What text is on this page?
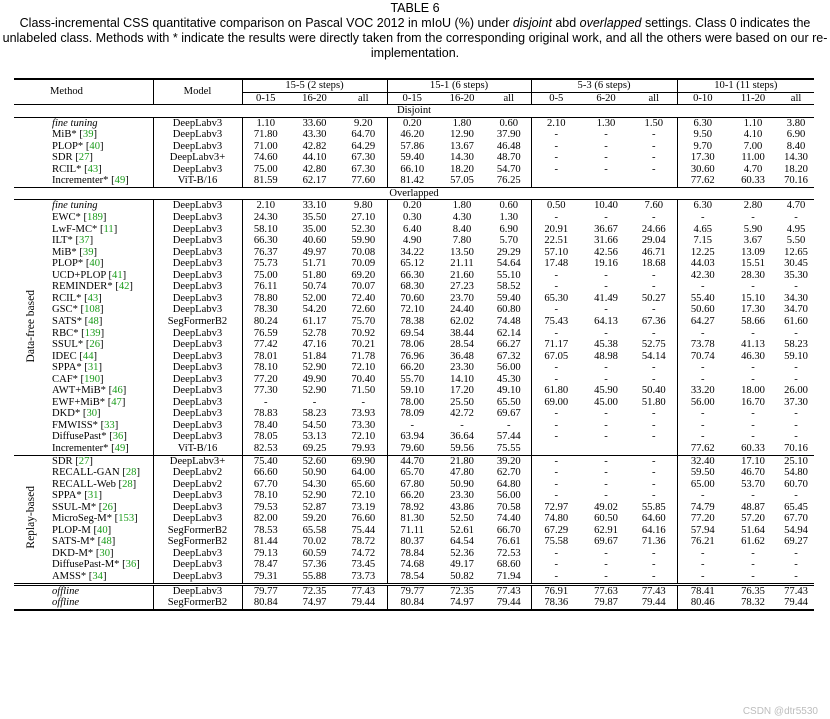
TABLE 6
Class-incremental CSS quantitative comparison on Pascal VOC 2012 in mIoU (%) under disjoint abd overlapped settings. Class 0 indicates the unlabeled class. Methods with * indicate the results were directly taken from the corresponding original work, and all the others were based on our re-implementation.
	Method	Model	15-5 (2 steps)			15-1 (6 steps)			5-3 (6 steps)			10-1 (11 steps)		
			0-15	16-20	all	0-15	16-20	all	0-5	6-20	all	0-10	11-20	all
Disjoint														
	fine tuning	DeepLabv3	1.10	33.60	9.20	0.20	1.80	0.60	2.10	1.30	1.50	6.30	1.10	3.80
	MiB* [39]	DeepLabv3	71.80	43.30	64.70	46.20	12.90	37.90	-	-	-	9.50	4.10	6.90
	PLOP* [40]	DeepLabv3	71.00	42.82	64.29	57.86	13.67	46.48	-	-	-	9.70	7.00	8.40
	SDR [27]	DeepLabv3+	74.60	44.10	67.30	59.40	14.30	48.70	-	-	-	17.30	11.00	14.30
	RCIL* [43]	DeepLabv3	75.00	42.80	67.30	66.10	18.20	54.70	-	-	-	30.60	4.70	18.20
	Incrementer* [49]	ViT-B/16	81.59	62.17	77.60	81.42	57.05	76.25				77.62	60.33	70.16
Overlapped														
Data-free based	fine tuning	DeepLabv3	2.10	33.10	9.80	0.20	1.80	0.60	0.50	10.40	7.60	6.30	2.80	4.70
	EWC* [189]	DeepLabv3	24.30	35.50	27.10	0.30	4.30	1.30	-	-	-	-	-	-
	LwF-MC* [11]	DeepLabv3	58.10	35.00	52.30	6.40	8.40	6.90	20.91	36.67	24.66	4.65	5.90	4.95
	ILT* [37]	DeepLabv3	66.30	40.60	59.90	4.90	7.80	5.70	22.51	31.66	29.04	7.15	3.67	5.50
	MiB* [39]	DeepLabv3	76.37	49.97	70.08	34.22	13.50	29.29	57.10	42.56	46.71	12.25	13.09	12.65
	PLOP* [40]	DeepLabv3	75.73	51.71	70.09	65.12	21.11	54.64	17.48	19.16	18.68	44.03	15.51	30.45
	UCD+PLOP [41]	DeepLabv3	75.00	51.80	69.20	66.30	21.60	55.10	-	-	-	42.30	28.30	35.30
	REMINDER* [42]	DeepLabv3	76.11	50.74	70.07	68.30	27.23	58.52	-	-	-	-	-	-
	RCIL* [43]	DeepLabv3	78.80	52.00	72.40	70.60	23.70	59.40	65.30	41.49	50.27	55.40	15.10	34.30
	GSC* [108]	DeepLabv3	78.30	54.20	72.60	72.10	24.40	60.80	-	-	-	50.60	17.30	34.70
	SATS* [48]	SegFormerB2	80.24	61.17	75.70	78.38	62.02	74.48	75.43	64.13	67.36	64.27	58.66	61.60
	RBC* [139]	DeepLabv3	76.59	52.78	70.92	69.54	38.44	62.14	-	-	-	-	-	-
	SSUL* [26]	DeepLabv3	77.42	47.16	70.21	78.06	28.54	66.27	71.17	45.38	52.75	73.78	41.13	58.23
	IDEC [44]	DeepLabv3	78.01	51.84	71.78	76.96	36.48	67.32	67.05	48.98	54.14	70.74	46.30	59.10
	SPPA* [31]	DeepLabv3	78.10	52.90	72.10	66.20	23.30	56.00	-	-	-	-	-	-
	CAF* [190]	DeepLabv3	77.20	49.90	70.40	55.70	14.10	45.30	-	-	-	-	-	-
	AWT+MiB* [46]	DeepLabv3	77.30	52.90	71.50	59.10	17.20	49.10	61.80	45.90	50.40	33.20	18.00	26.00
	EWF+MiB* [47]	DeepLabv3	-	-	-	78.00	25.50	65.50	69.00	45.00	51.80	56.00	16.70	37.30
	DKD* [30]	DeepLabv3	78.83	58.23	73.93	78.09	42.72	69.67	-	-	-	-	-	-
	FMWISS* [33]	DeepLabv3	78.40	54.50	73.30	-	-	-	-	-	-	-	-	-
	DiffusePast* [36]	DeepLabv3	78.05	53.13	72.10	63.94	36.64	57.44	-	-	-	-	-	-
	Incrementer* [49]	ViT-B/16	82.53	69.25	79.93	79.60	59.56	75.55				77.62	60.33	70.16
Replay-based	SDR [27]	DeepLabv3+	75.40	52.60	69.90	44.70	21.80	39.20	-	-	-	32.40	17.10	25.10
	RECALL-GAN [28]	DeepLabv2	66.60	50.90	64.00	65.70	47.80	62.70	-	-	-	59.50	46.70	54.80
	RECALL-Web [28]	DeepLabv2	67.70	54.30	65.60	67.80	50.90	64.80	-	-	-	65.00	53.70	60.70
	SPPA* [31]	DeepLabv3	78.10	52.90	72.10	66.20	23.30	56.00	-	-	-	-	-	-
	SSUL-M* [26]	DeepLabv3	79.53	52.87	73.19	78.92	43.86	70.58	72.97	49.02	55.85	74.79	48.87	65.45
	MicroSeg-M* [153]	DeepLabv3	82.00	59.20	76.60	81.30	52.50	74.40	74.80	60.50	64.60	77.20	57.20	67.70
	PLOP-M [40]	SegFormerB2	78.53	65.58	75.44	71.11	52.61	66.70	67.29	62.91	64.16	57.94	51.64	54.94
	SATS-M* [48]	SegFormerB2	81.44	70.02	78.72	80.37	64.54	76.61	75.58	69.67	71.36	76.21	61.62	69.27
	DKD-M* [30]	DeepLabv3	79.13	60.59	74.72	78.84	52.36	72.53	-	-	-	-	-	-
	DiffusePast-M* [36]	DeepLabv3	78.47	57.36	73.45	74.68	49.17	68.60	-	-	-	-	-	-
	AMSS* [34]	DeepLabv3	79.31	55.88	73.73	78.54	50.82	71.94	-	-	-	-	-	-
	offline	DeepLabv3	79.77	72.35	77.43	79.77	72.35	77.43	76.91	77.63	77.43	78.41	76.35	77.43
	offline	SegFormerB2	80.84	74.97	79.44	80.84	74.97	79.44	78.36	79.87	79.44	80.46	78.32	79.44
CSDN @dtr5530
